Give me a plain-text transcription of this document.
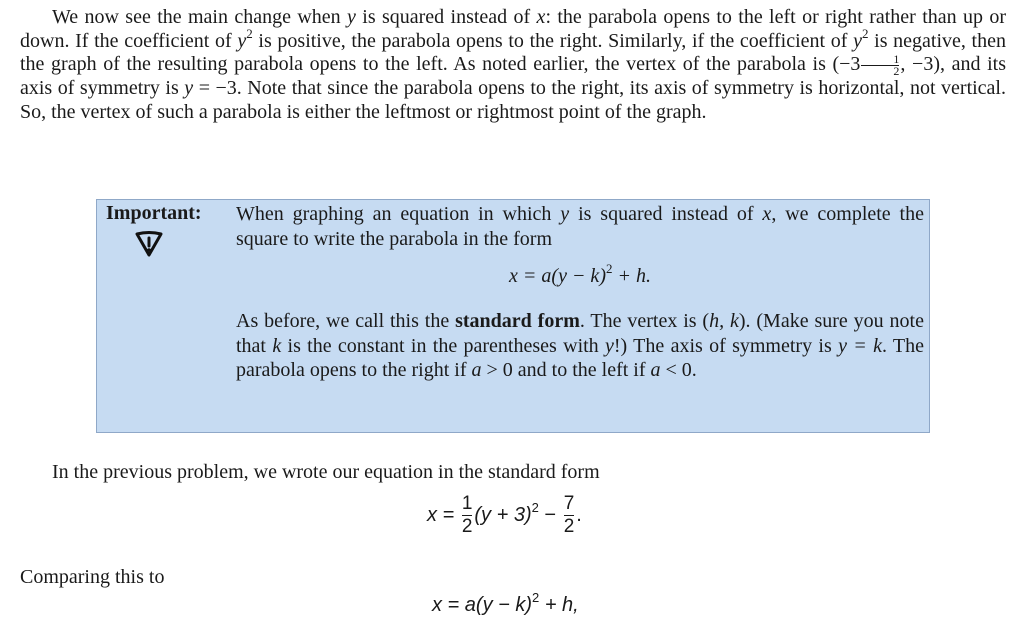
We now see the main change when y is squared instead of x: the parabola opens to the left or right rather than up or down. If the coefficient of $y^2$ is positive, the parabola opens to the right. Similarly, if the coefficient of $y^2$ is negative, then the graph of the resulting parabola opens to the left. As noted earlier, the vertex of the parabola is ($-3 \frac{1}{2}$ , −3), and its axis of symmetry is y = −3. Note that since the parabola opens to the right, its axis of symmetry is horizontal, not vertical. So, the vertex of such a parabola is either the leftmost or rightmost point of the graph.

Important: When graphing an equation in which y is squared instead of x, we complete the square to write the parabola in the form

$x = a(y - k)^2 + h$.

As before, we call this the standard form. The vertex is (h, k). (Make sure you note that k is the constant in the parentheses with y!) The axis of symmetry is y = k. The parabola opens to the right if a > 0 and to the left if a < 0.

In the previous problem, we wrote our equation in the standard form

$x = \frac{1}{2} (y + 3)^2 - \frac{7}{2}$ .

Comparing this to

$x = a(y - k)^2 + h$,
